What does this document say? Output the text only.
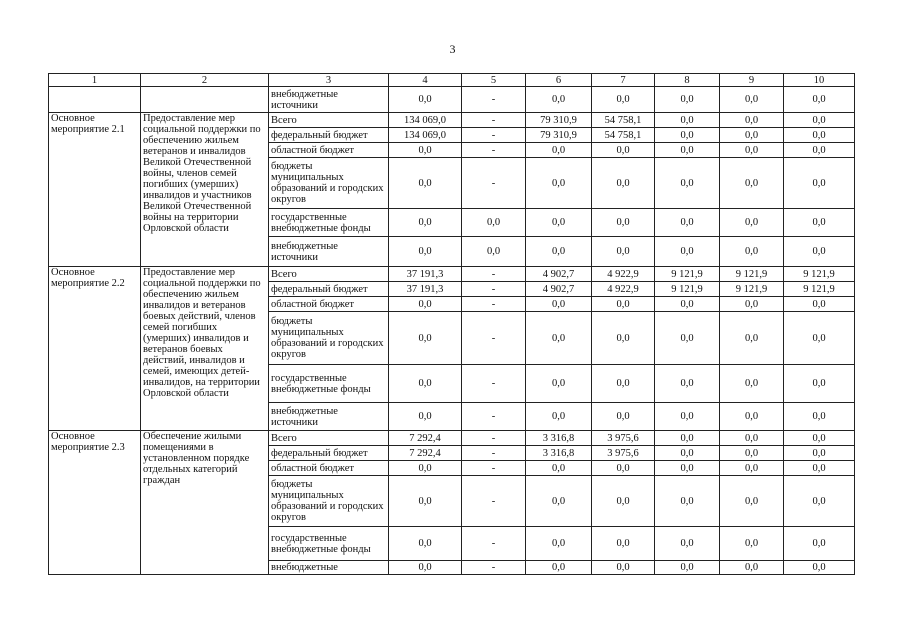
3
1	2	3	4	5	6	7	8	9	10
		внебюджетные источники	0,0	-	0,0	0,0	0,0	0,0	0,0
Основное мероприятие 2.1	Предоставление мер социальной поддержки по обеспечению жильем ветеранов и инвалидов Великой Отечественной войны, членов семей погибших (умерших) инвалидов и участников Великой Отечественной войны на территории Орловской области	Всего	134 069,0	-	79 310,9	54 758,1	0,0	0,0	0,0
		федеральный бюджет	134 069,0	-	79 310,9	54 758,1	0,0	0,0	0,0
		областной бюджет	0,0	-	0,0	0,0	0,0	0,0	0,0
		бюджеты муниципальных образований и городских округов	0,0	-	0,0	0,0	0,0	0,0	0,0
		государственные внебюджетные фонды	0,0	0,0	0,0	0,0	0,0	0,0	0,0
		внебюджетные источники	0,0	0,0	0,0	0,0	0,0	0,0	0,0
Основное мероприятие 2.2	Предоставление мер социальной поддержки по обеспечению жильем инвалидов и ветеранов боевых действий, членов семей погибших (умерших) инвалидов и ветеранов боевых действий, инвалидов и семей, имеющих детей-инвалидов, на территории Орловской области	Всего	37 191,3	-	4 902,7	4 922,9	9 121,9	9 121,9	9 121,9
		федеральный бюджет	37 191,3	-	4 902,7	4 922,9	9 121,9	9 121,9	9 121,9
		областной бюджет	0,0	-	0,0	0,0	0,0	0,0	0,0
		бюджеты муниципальных образований и городских округов	0,0	-	0,0	0,0	0,0	0,0	0,0
		государственные внебюджетные фонды	0,0	-	0,0	0,0	0,0	0,0	0,0
		внебюджетные источники	0,0	-	0,0	0,0	0,0	0,0	0,0
Основное мероприятие 2.3	Обеспечение жилыми помещениями в установленном порядке отдельных категорий граждан	Всего	7 292,4	-	3 316,8	3 975,6	0,0	0,0	0,0
		федеральный бюджет	7 292,4	-	3 316,8	3 975,6	0,0	0,0	0,0
		областной бюджет	0,0	-	0,0	0,0	0,0	0,0	0,0
		бюджеты муниципальных образований и городских округов	0,0	-	0,0	0,0	0,0	0,0	0,0
		государственные внебюджетные фонды	0,0	-	0,0	0,0	0,0	0,0	0,0
		внебюджетные	0,0	-	0,0	0,0	0,0	0,0	0,0
